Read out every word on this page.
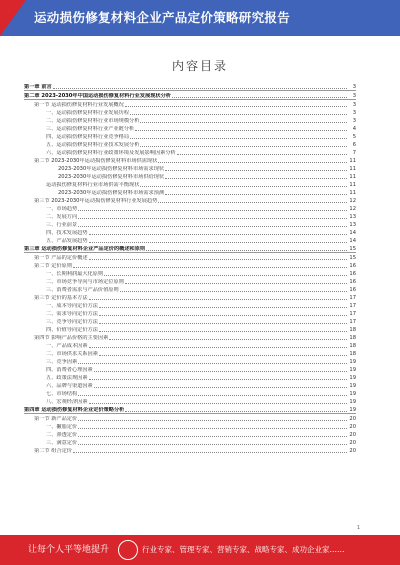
运动损伤修复材料企业产品定价策略研究报告
内容目录
第一章 前言	3
第二章 2023-2030年中国运动损伤修复材料行业发展现状分析	3
第一节 运动损伤修复材料行业发展概况	3
一、运动损伤修复材料行业发展历程	3
二、运动损伤修复材料行业市场规模分析	3
三、运动损伤修复材料行业产业链分析	4
四、运动损伤修复材料行业竞争格局	5
五、运动损伤修复材料行业技术发展分析	6
六、运动损伤修复材料行业政策环境及发展影响因素分析	7
第二节 2023-2030年运动损伤修复材料市场供需现状	11
2023-2030年运动损伤修复材料市场需求现状	11
2023-2030年运动损伤修复材料市场供给现状	11
运动损伤修复材料行业市场供需平衡现状	11
2023-2030年运动损伤修复材料市场需求预测	11
第三节 2023-2030年运动损伤修复材料行业发展趋势	12
一、市场趋势	12
二、发展方向	13
三、行业前景	13
四、技术发展趋势	14
五、产品发展趋势	14
第三章 运动损伤修复材料企业产品定价的概述和原则	15
第一节 产品的定价概述	15
第二节 定价原则	16
一、长期利润最大化原则	16
二、市场竞争导向与市场定位原则	16
三、消费者需求与产品价值原则	16
第三节 定价的基本方法	17
一、成本导向定价方法	17
二、需求导向定价方法	17
三、竞争导向定价方法	17
四、价值导向定价方法	18
第四节 影响产品价格的主要因素	18
一、产品成本因素	18
二、市场供求关系因素	18
三、竞争因素	19
四、消费者心理因素	19
五、政策法规因素	19
六、品牌与渠道因素	19
七、市场结构	19
八、宏观经济因素	19
第四章 运动损伤修复材料企业定价策略分析	19
第一节 新产品定价	20
一、撇脂定价	20
二、渗透定价	20
三、满意定价	20
第二节 组合定价	20
1
让每个人平等地提升	行业专家、管理专家、营销专家、战略专家、成功企业家……
